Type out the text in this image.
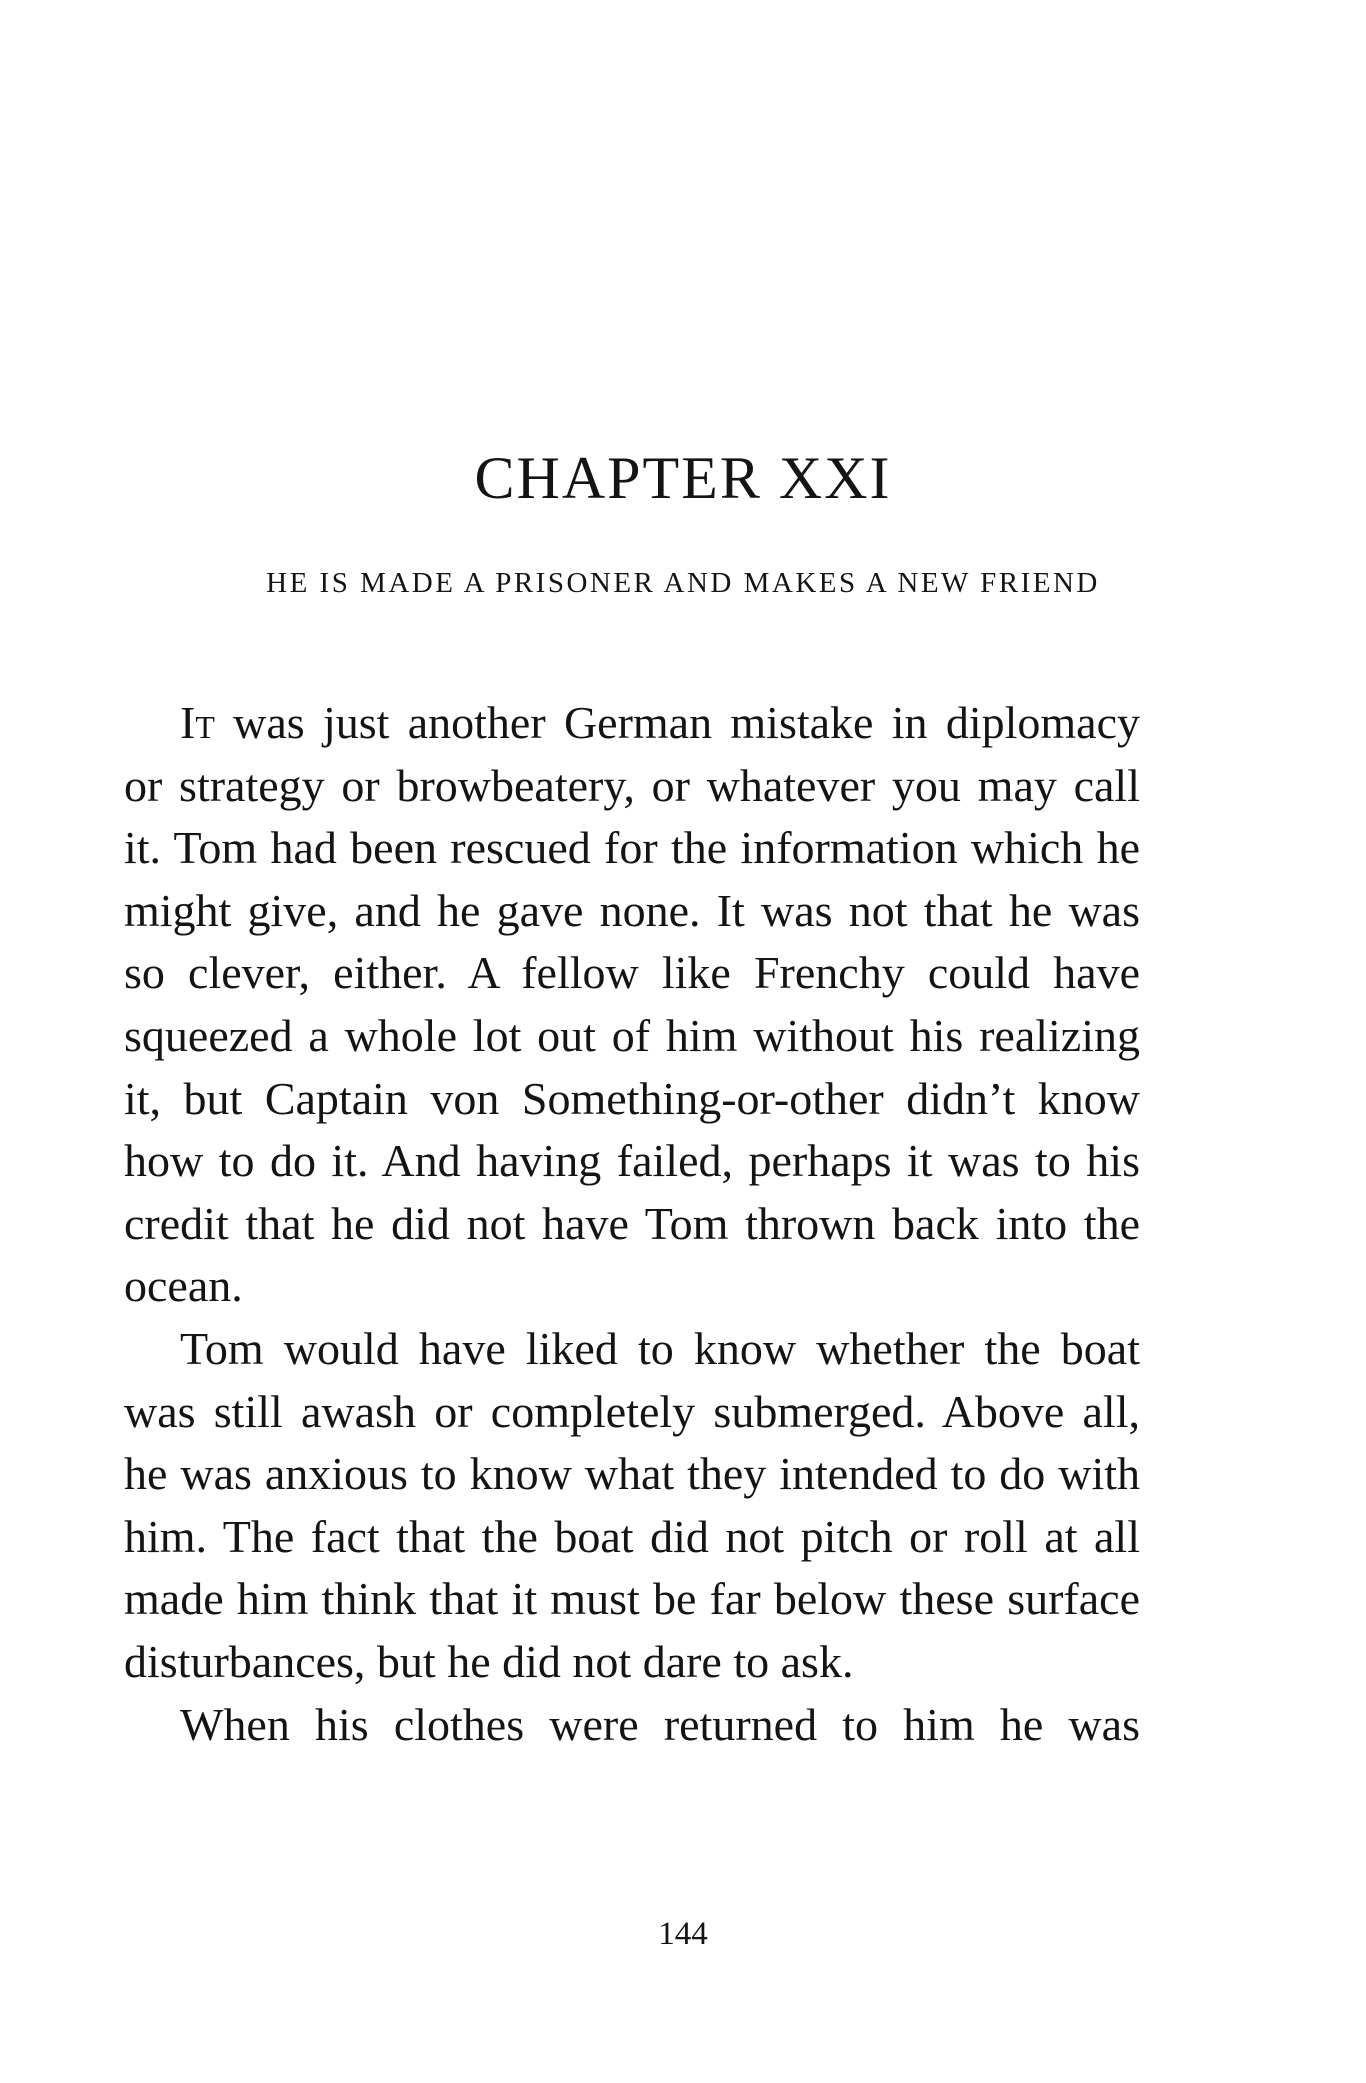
CHAPTER XXI
HE IS MADE A PRISONER AND MAKES A NEW FRIEND

It was just another German mistake in diplomacy or strategy or browbeatery, or whatever you may call it. Tom had been rescued for the information which he might give, and he gave none. It was not that he was so clever, either. A fellow like Frenchy could have squeezed a whole lot out of him without his realizing it, but Captain von Something-or-other didn’t know how to do it. And having failed, perhaps it was to his credit that he did not have Tom thrown back into the ocean.

Tom would have liked to know whether the boat was still awash or completely submerged. Above all, he was anxious to know what they intended to do with him. The fact that the boat did not pitch or roll at all made him think that it must be far below these surface disturbances, but he did not dare to ask.

When his clothes were returned to him he was

144
